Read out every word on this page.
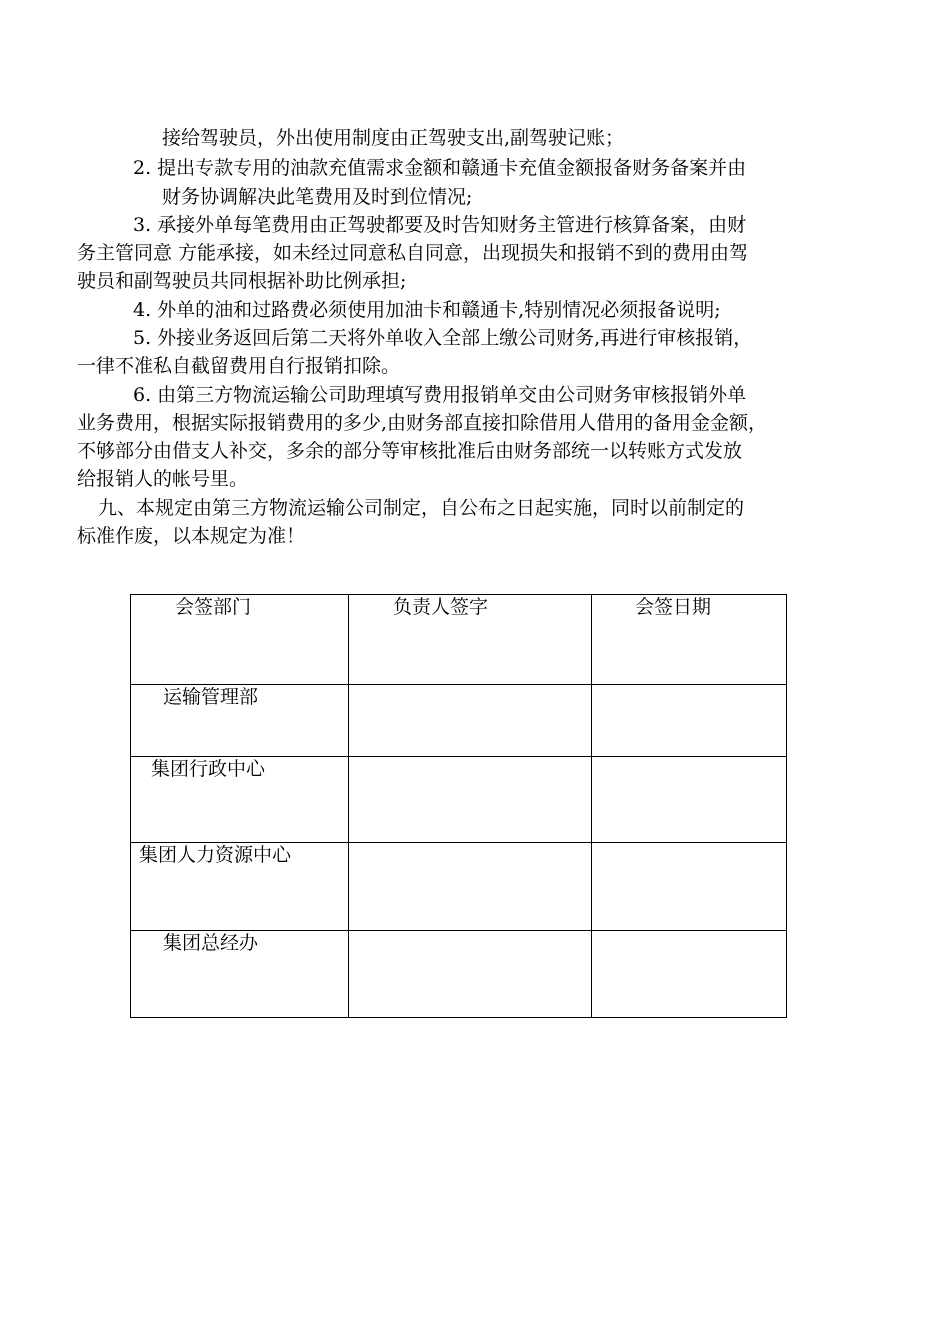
接给驾驶员，外出使用制度由正驾驶支出,副驾驶记账；

2. 提出专款专用的油款充值需求金额和赣通卡充值金额报备财务备案并由

财务协调解决此笔费用及时到位情况;

3. 承接外单每笔费用由正驾驶都要及时告知财务主管进行核算备案，由财

务主管同意 方能承接，如未经过同意私自同意，出现损失和报销不到的费用由驾

驶员和副驾驶员共同根据补助比例承担;

4. 外单的油和过路费必须使用加油卡和赣通卡,特别情况必须报备说明;

5. 外接业务返回后第二天将外单收入全部上缴公司财务,再进行审核报销，

一律不准私自截留费用自行报销扣除。

6. 由第三方物流运输公司助理填写费用报销单交由公司财务审核报销外单

业务费用，根据实际报销费用的多少,由财务部直接扣除借用人借用的备用金金额，

不够部分由借支人补交，多余的部分等审核批准后由财务部统一以转账方式发放

给报销人的帐号里。

九、本规定由第三方物流运输公司制定，自公布之日起实施，同时以前制定的

标准作废，以本规定为准！

会签部门	负责人签字	会签日期

运输管理部		

集团行政中心		

集团人力资源中心		

集团总经办		
